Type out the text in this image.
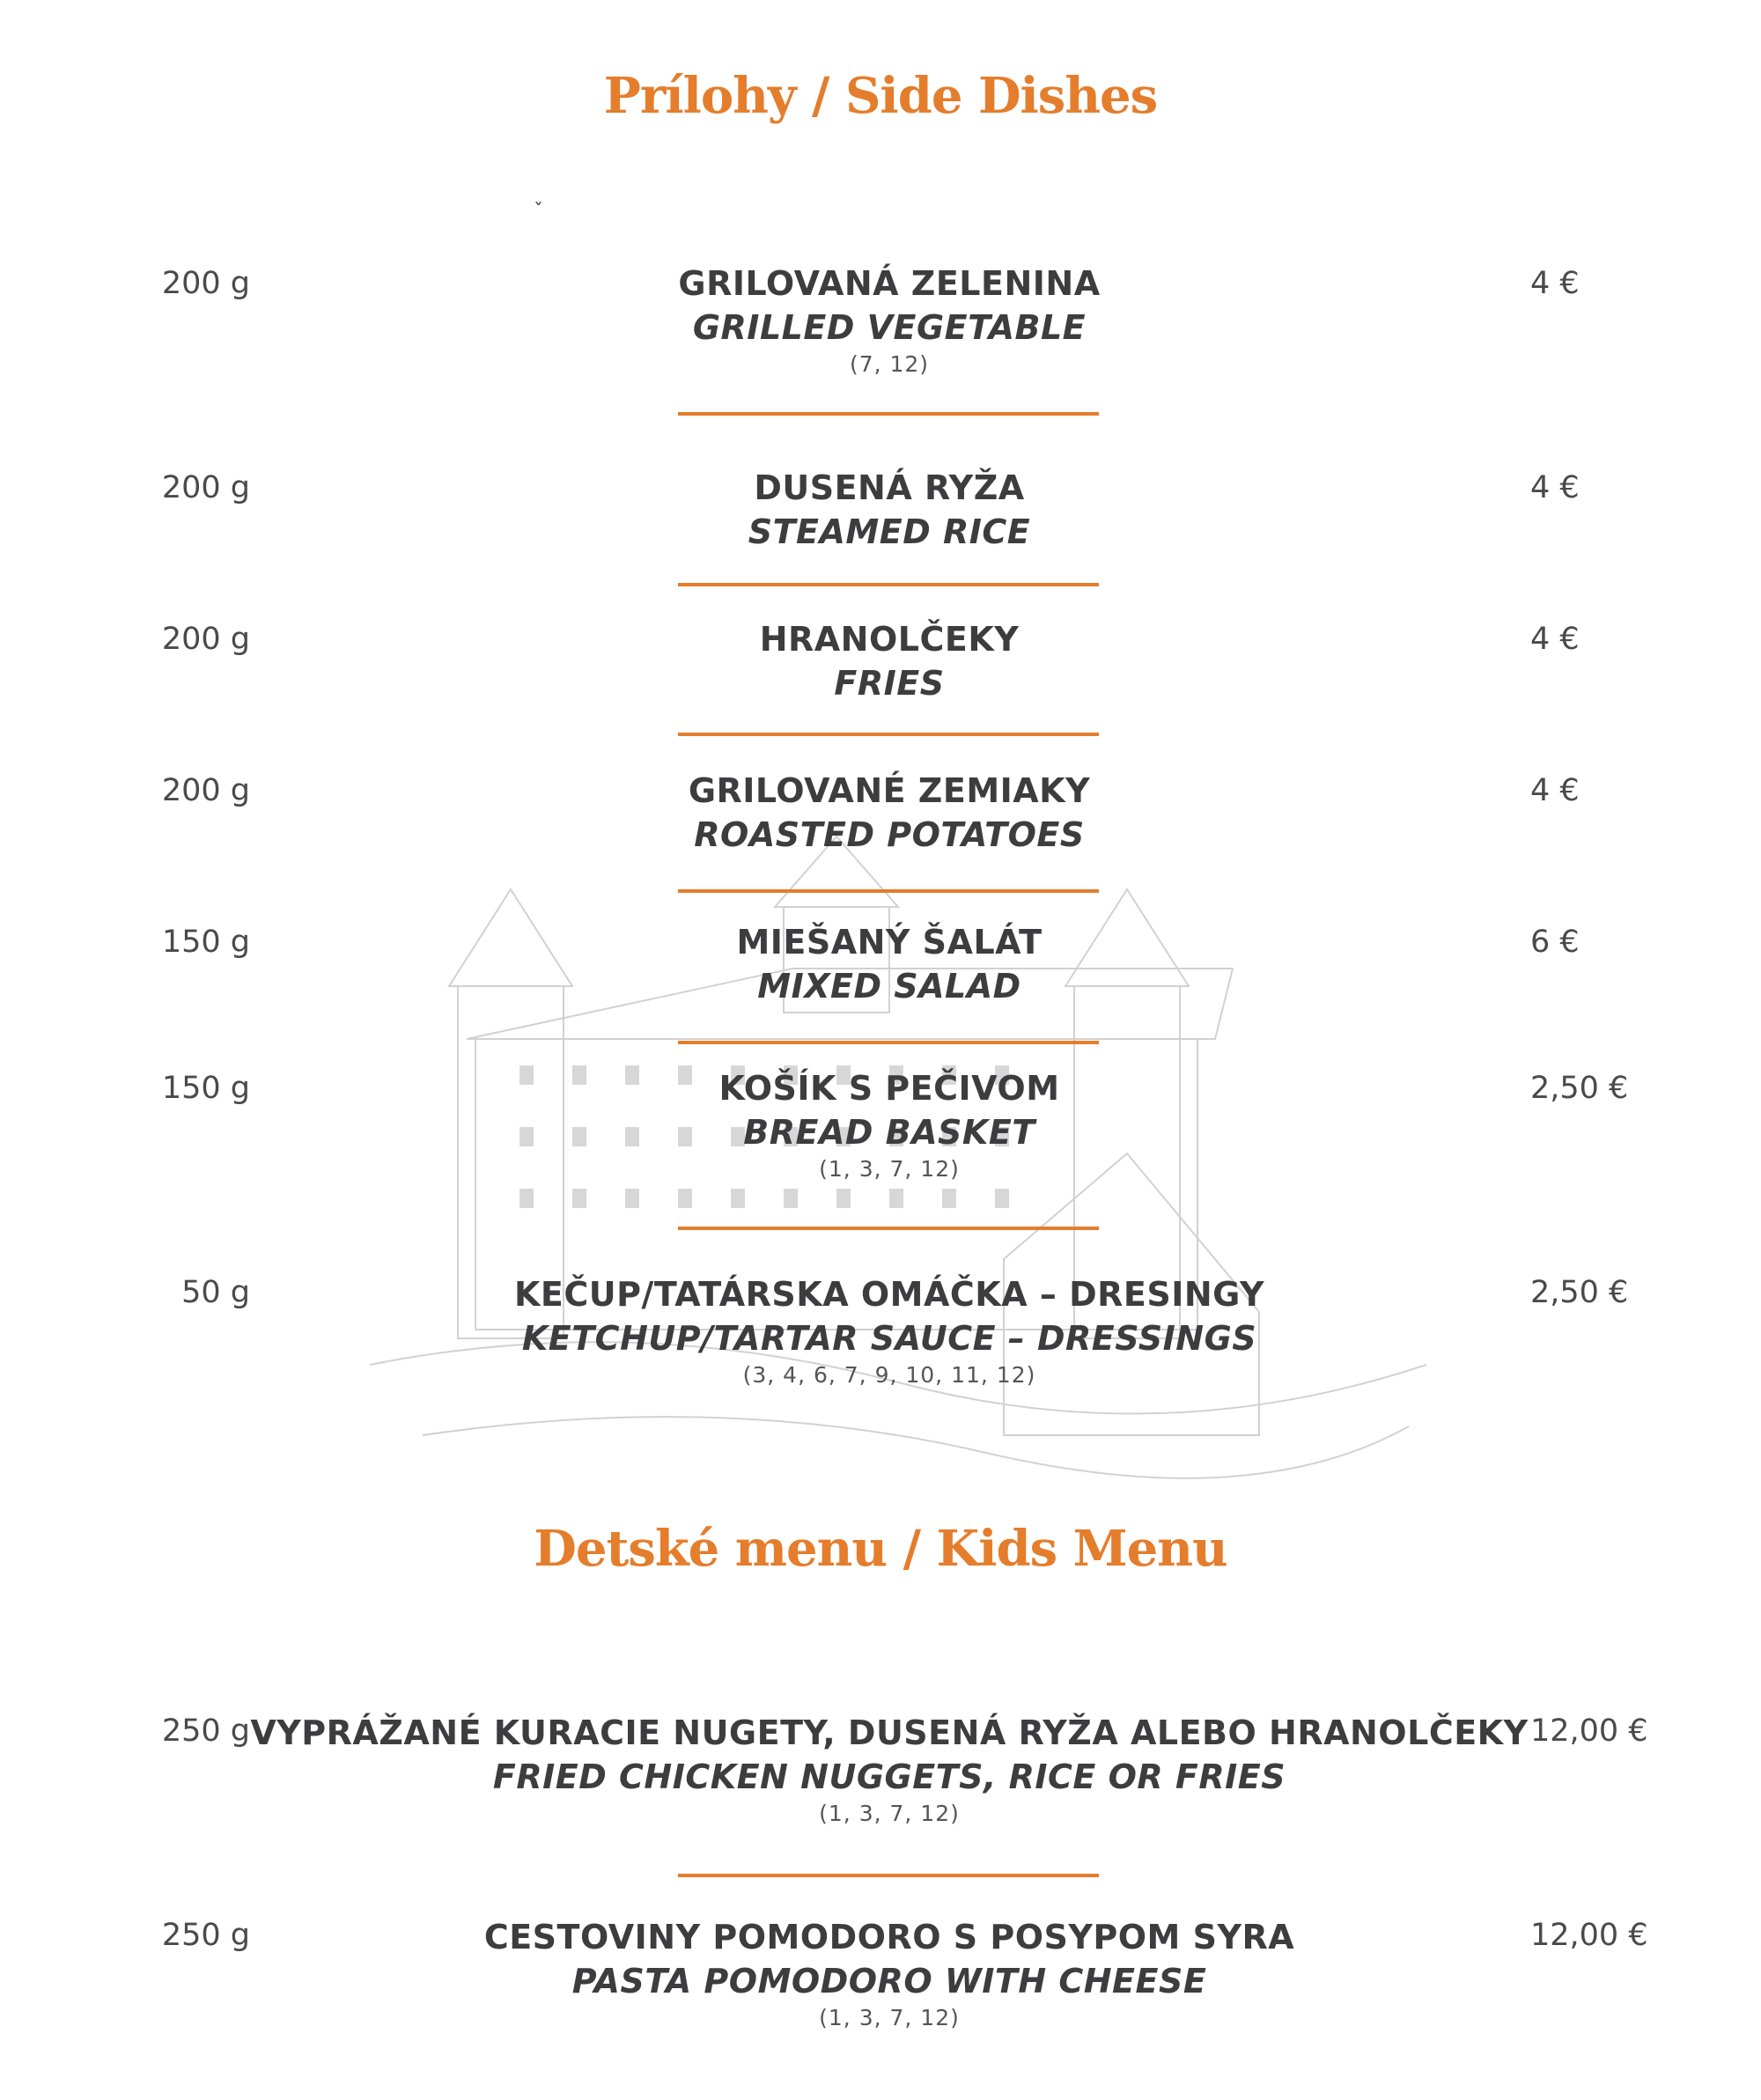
Prílohy / Side Dishes
ˇ
200 g	GRILOVANÁ ZELENINA
GRILLED VEGETABLE
(7, 12)
4 €
200 g	DUSENÁ RYŽA
STEAMED RICE
4 €
200 g	HRANOLČEKY
FRIES
4 €
200 g	GRILOVANÉ ZEMIAKY
ROASTED POTATOES
4 €
150 g	MIEŠANÝ ŠALÁT
MIXED SALAD
6 €
150 g	KOŠÍK S PEČIVOM
BREAD BASKET
(1, 3, 7, 12)
2,50 €
50 g	KEČUP/TATÁRSKA OMÁČKA – DRESINGY
KETCHUP/TARTAR SAUCE – DRESSINGS
(3, 4, 6, 7, 9, 10, 11, 12)
2,50 €
Detské menu / Kids Menu
250 g VYPRÁŽANÉ KURACIE NUGETY, DUSENÁ RYŽA ALEBO HRANOLČEKY
FRIED CHICKEN NUGGETS, RICE OR FRIES
(1, 3, 7, 12)
12,00 €
250 g	CESTOVINY POMODORO S POSYPOM SYRA
PASTA POMODORO WITH CHEESE
(1, 3, 7, 12)
12,00 €
